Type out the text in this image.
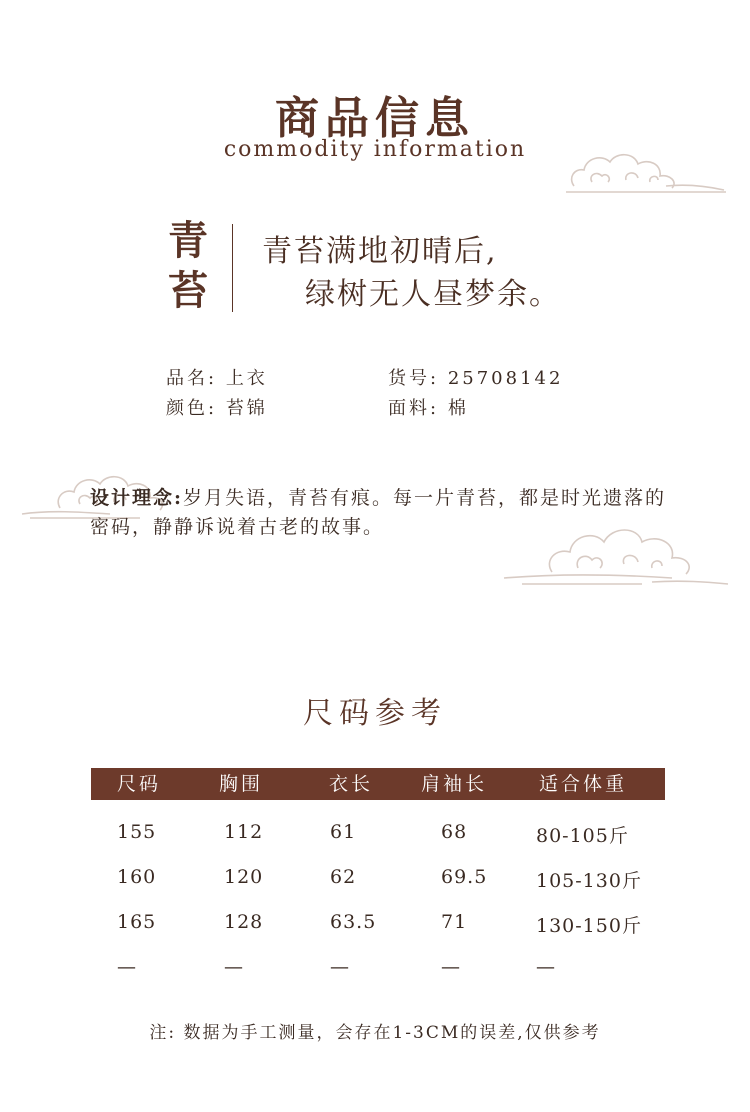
商品信息
commodity information
青
苔
青苔满地初晴后,
绿树无人昼梦余。
品名: 上衣	货号: 25708142
颜色: 苔锦	面料: 棉
设计理念:岁月失语，青苔有痕。每一片青苔，都是时光遗落的密码，静静诉说着古老的故事。
尺码参考
尺码	胸围	衣长	肩袖长	适合体重
155	112	61	68	80-105斤
160	120	62	69.5	105-130斤
165	128	63.5	71	130-150斤
—	—	—	—	—
注: 数据为手工测量，会存在1-3CM的误差,仅供参考
